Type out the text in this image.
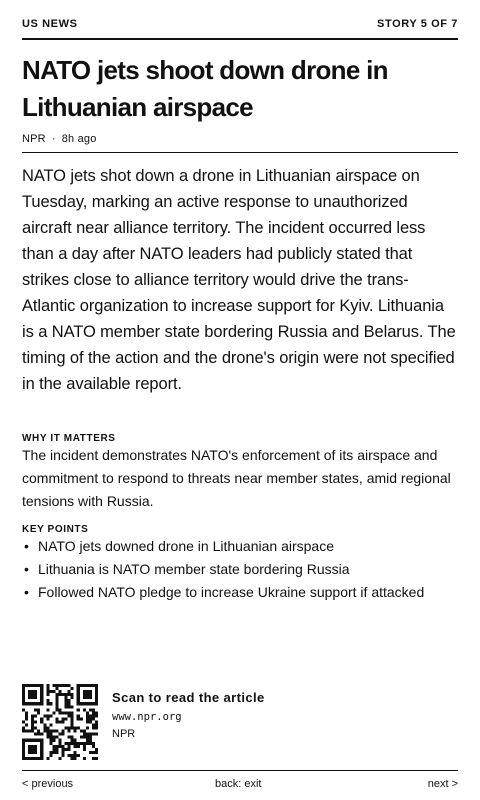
US NEWS	STORY 5 OF 7
NATO jets shoot down drone in Lithuanian airspace
NPR · 8h ago

NATO jets shot down a drone in Lithuanian airspace on Tuesday, marking an active response to unauthorized aircraft near alliance territory. The incident occurred less than a day after NATO leaders had publicly stated that strikes close to alliance territory would drive the trans-Atlantic organization to increase support for Kyiv. Lithuania is a NATO member state bordering Russia and Belarus. The timing of the action and the drone's origin were not specified in the available report.

WHY IT MATTERS

The incident demonstrates NATO's enforcement of its airspace and commitment to respond to threats near member states, amid regional tensions with Russia.

KEY POINTS
• NATO jets downed drone in Lithuanian airspace
• Lithuania is NATO member state bordering Russia
• Followed NATO pledge to increase Ukraine support if attacked
Scan to read the article
www.npr.org
NPR
< previous	back: exit	next >
